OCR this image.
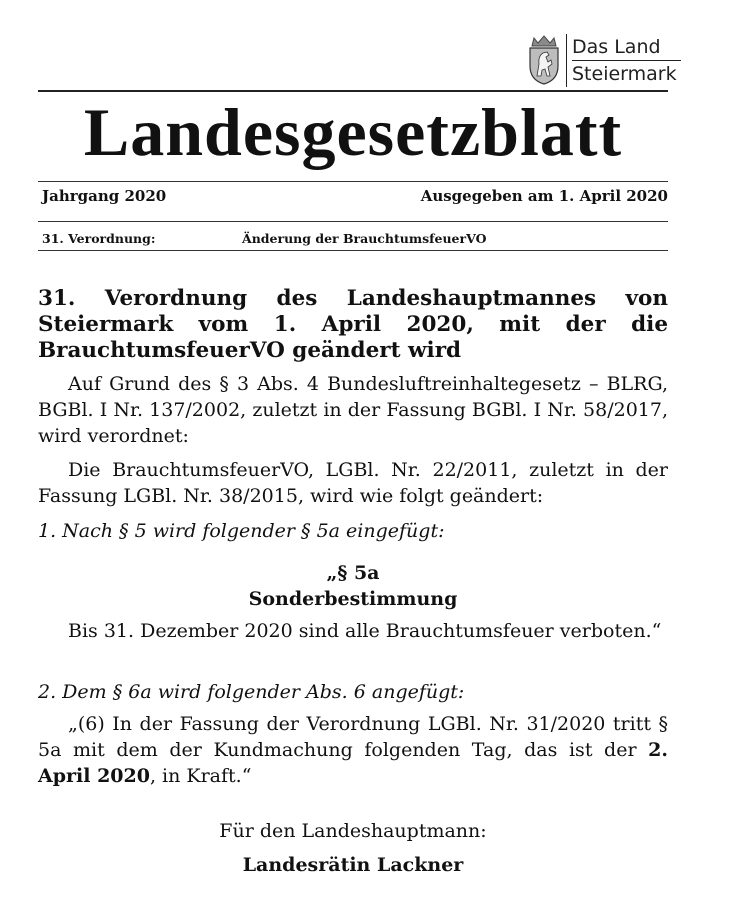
Das Land
Steiermark
Landesgesetzblatt
Jahrgang 2020	Ausgegeben am 1. April 2020
31. Verordnung:	Änderung der BrauchtumsfeuerVO
31. Verordnung des Landeshauptmannes von Steiermark vom 1. April 2020, mit der die BrauchtumsfeuerVO geändert wird
Auf Grund des § 3 Abs. 4 Bundesluftreinhaltegesetz – BLRG, BGBl. I Nr. 137/2002, zuletzt in der Fassung BGBl. I Nr. 58/2017, wird verordnet:
Die BrauchtumsfeuerVO, LGBl. Nr. 22/2011, zuletzt in der Fassung LGBl. Nr. 38/2015, wird wie folgt geändert:
1. Nach § 5 wird folgender § 5a eingefügt:
„§ 5a
Sonderbestimmung
Bis 31. Dezember 2020 sind alle Brauchtumsfeuer verboten.“
2. Dem § 6a wird folgender Abs. 6 angefügt:
„(6) In der Fassung der Verordnung LGBl. Nr. 31/2020 tritt § 5a mit dem der Kundmachung folgenden Tag, das ist der 2. April 2020, in Kraft.“
Für den Landeshauptmann:
Landesrätin Lackner
